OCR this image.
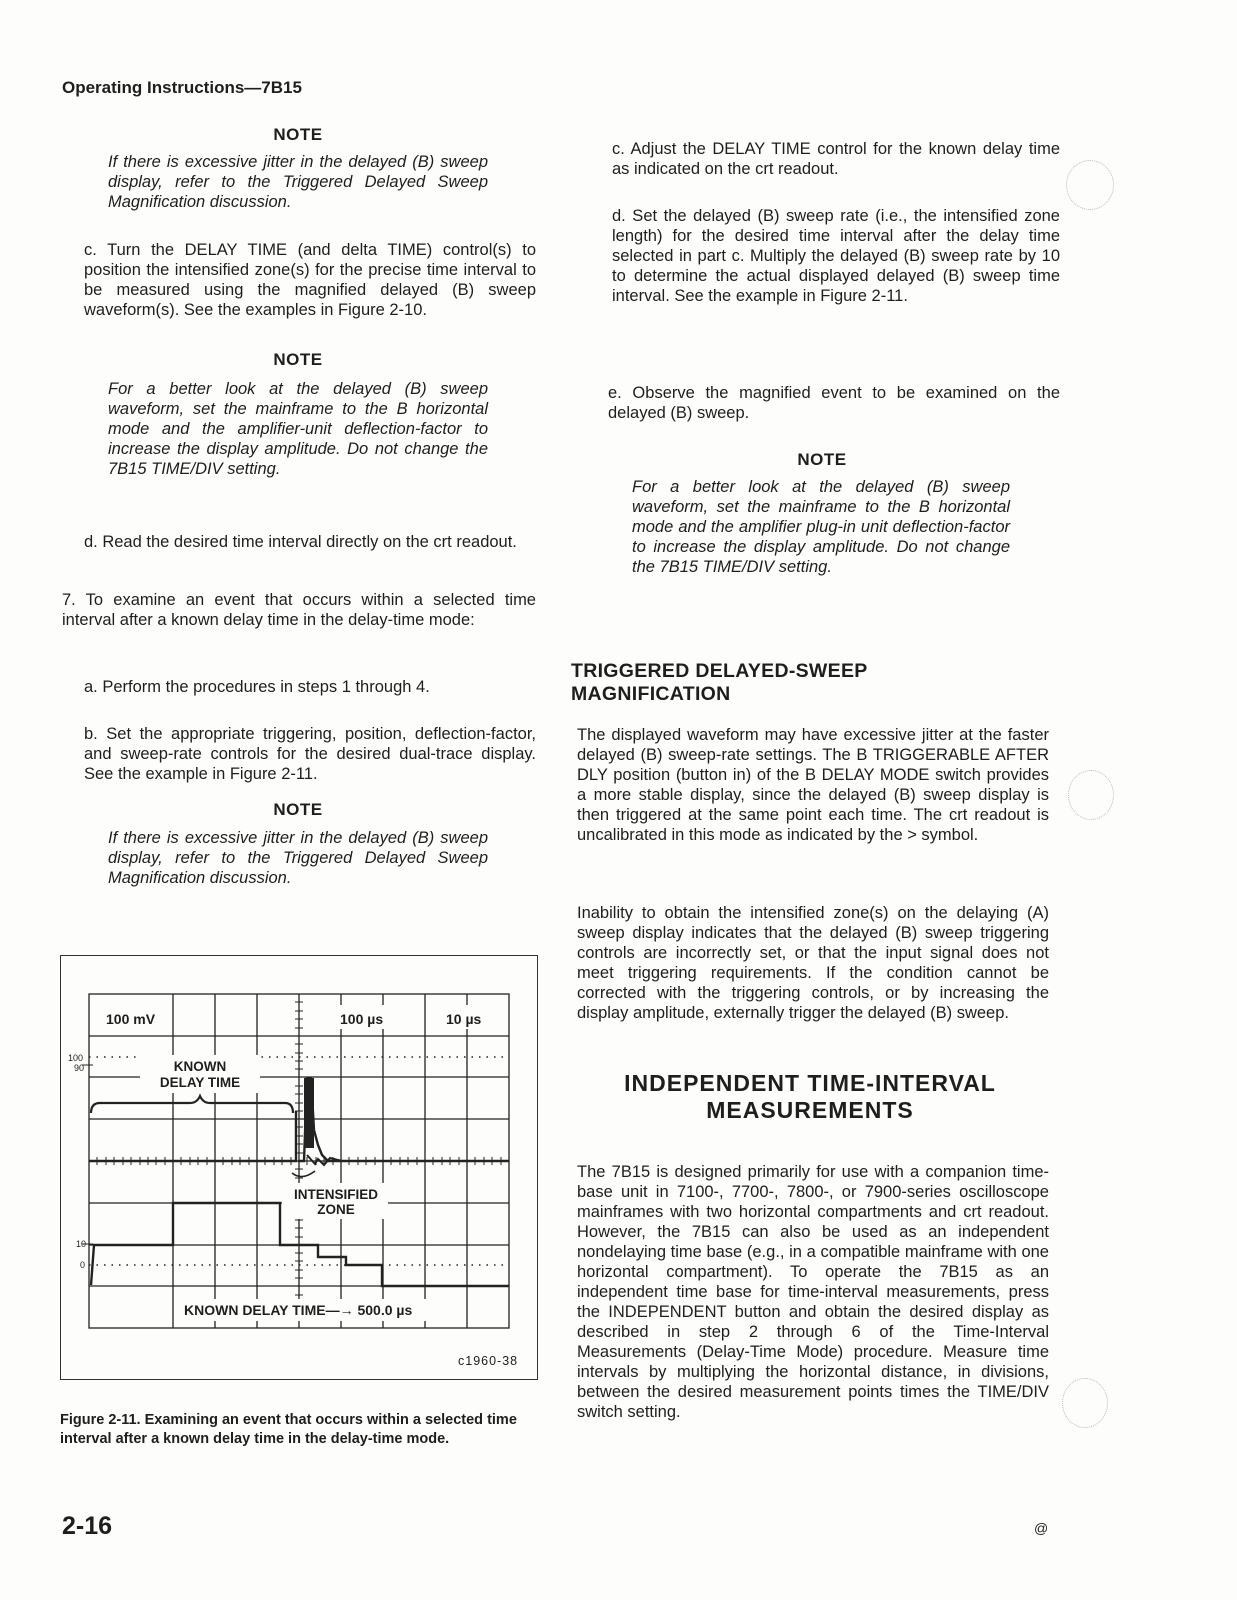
Operating Instructions—7B15
NOTE
If there is excessive jitter in the delayed (B) sweep display, refer to the Triggered Delayed Sweep Magnification discussion.
c. Turn the DELAY TIME (and delta TIME) control(s) to position the intensified zone(s) for the precise time interval to be measured using the magnified delayed (B) sweep waveform(s). See the examples in Figure 2-10.
NOTE
For a better look at the delayed (B) sweep waveform, set the mainframe to the B horizontal mode and the amplifier-unit deflection-factor to increase the display amplitude. Do not change the 7B15 TIME/DIV setting.
d. Read the desired time interval directly on the crt readout.
7. To examine an event that occurs within a selected time interval after a known delay time in the delay-time mode:
a. Perform the procedures in steps 1 through 4.
b. Set the appropriate triggering, position, deflection-factor, and sweep-rate controls for the desired dual-trace display. See the example in Figure 2-11.
NOTE
If there is excessive jitter in the delayed (B) sweep display, refer to the Triggered Delayed Sweep Magnification discussion.
100
90
10
0
100 mV	100 µs	10 µs
KNOWN
DELAY TIME
INTENSIFIED
ZONE
KNOWN DELAY TIME—→ 500.0 µs
c1960-38
Figure 2-11. Examining an event that occurs within a selected time interval after a known delay time in the delay-time mode.
c. Adjust the DELAY TIME control for the known delay time as indicated on the crt readout.
d. Set the delayed (B) sweep rate (i.e., the intensified zone length) for the desired time interval after the delay time selected in part c. Multiply the delayed (B) sweep rate by 10 to determine the actual displayed delayed (B) sweep time interval. See the example in Figure 2-11.
e. Observe the magnified event to be examined on the delayed (B) sweep.
NOTE
For a better look at the delayed (B) sweep waveform, set the mainframe to the B horizontal mode and the amplifier plug-in unit deflection-factor to increase the display amplitude. Do not change the 7B15 TIME/DIV setting.
TRIGGERED DELAYED-SWEEP MAGNIFICATION
The displayed waveform may have excessive jitter at the faster delayed (B) sweep-rate settings. The B TRIGGERABLE AFTER DLY position (button in) of the B DELAY MODE switch provides a more stable display, since the delayed (B) sweep display is then triggered at the same point each time. The crt readout is uncalibrated in this mode as indicated by the > symbol.
Inability to obtain the intensified zone(s) on the delaying (A) sweep display indicates that the delayed (B) sweep triggering controls are incorrectly set, or that the input signal does not meet triggering requirements. If the condition cannot be corrected with the triggering controls, or by increasing the display amplitude, externally trigger the delayed (B) sweep.
INDEPENDENT TIME-INTERVAL MEASUREMENTS
The 7B15 is designed primarily for use with a companion time-base unit in 7100-, 7700-, 7800-, or 7900-series oscilloscope mainframes with two horizontal compartments and crt readout. However, the 7B15 can also be used as an independent nondelaying time base (e.g., in a compatible mainframe with one horizontal compartment). To operate the 7B15 as an independent time base for time-interval measurements, press the INDEPENDENT button and obtain the desired display as described in step 2 through 6 of the Time-Interval Measurements (Delay-Time Mode) procedure. Measure time intervals by multiplying the horizontal distance, in divisions, between the desired measurement points times the TIME/DIV switch setting.
2-16	@
